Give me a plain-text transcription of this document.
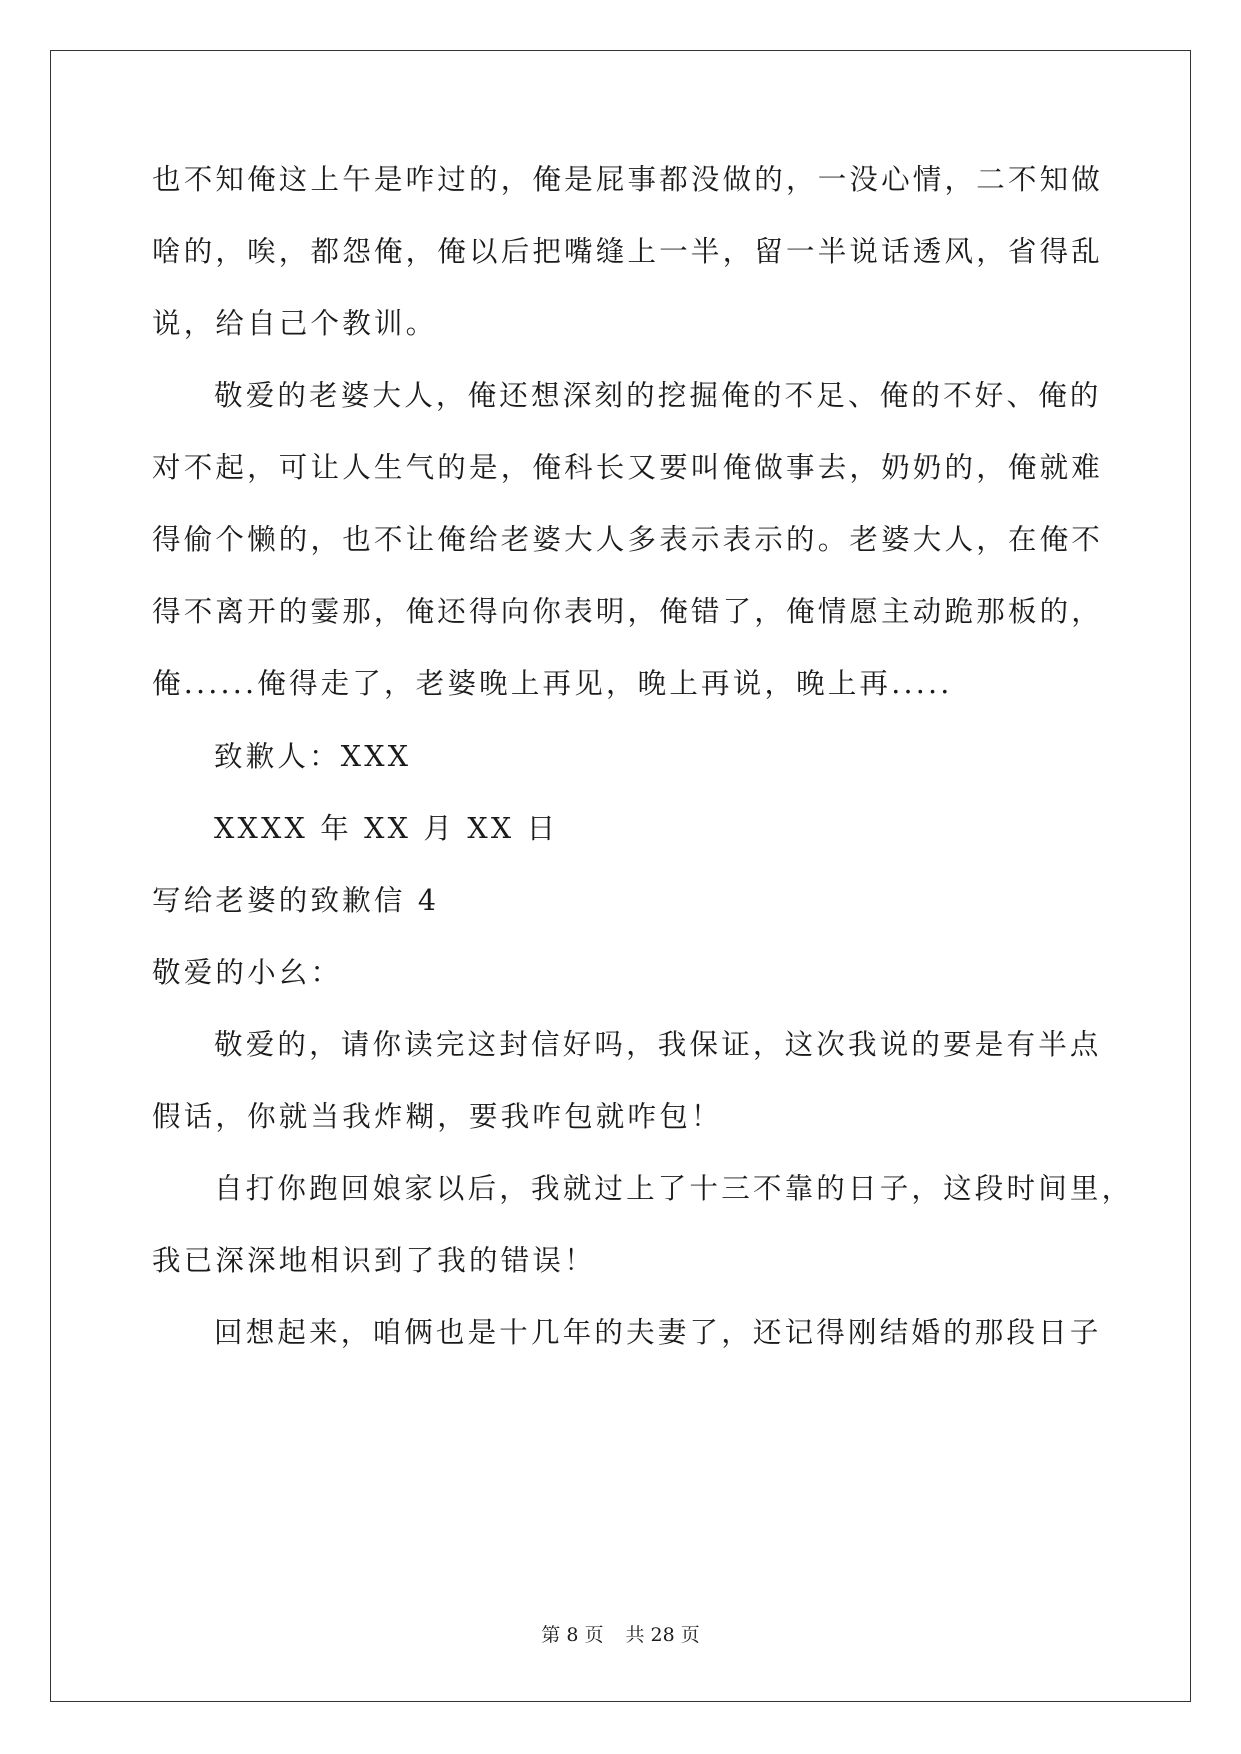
也不知俺这上午是咋过的，俺是屁事都没做的，一没心情，二不知做
啥的，唉，都怨俺，俺以后把嘴缝上一半，留一半说话透风，省得乱
说，给自己个教训。
敬爱的老婆大人，俺还想深刻的挖掘俺的不足、俺的不好、俺的
对不起，可让人生气的是，俺科长又要叫俺做事去，奶奶的，俺就难
得偷个懒的，也不让俺给老婆大人多表示表示的。老婆大人，在俺不
得不离开的霎那，俺还得向你表明，俺错了，俺情愿主动跪那板的，
俺......俺得走了，老婆晚上再见，晚上再说，晚上再.....
致歉人：XXX
XXXX 年 XX 月 XX 日
写给老婆的致歉信 4
敬爱的小幺：
敬爱的，请你读完这封信好吗，我保证，这次我说的要是有半点
假话，你就当我炸糊，要我咋包就咋包！
自打你跑回娘家以后，我就过上了十三不靠的日子，这段时间里，
我已深深地相识到了我的错误！
回想起来，咱俩也是十几年的夫妻了，还记得刚结婚的那段日子
第 8 页 共 28 页
